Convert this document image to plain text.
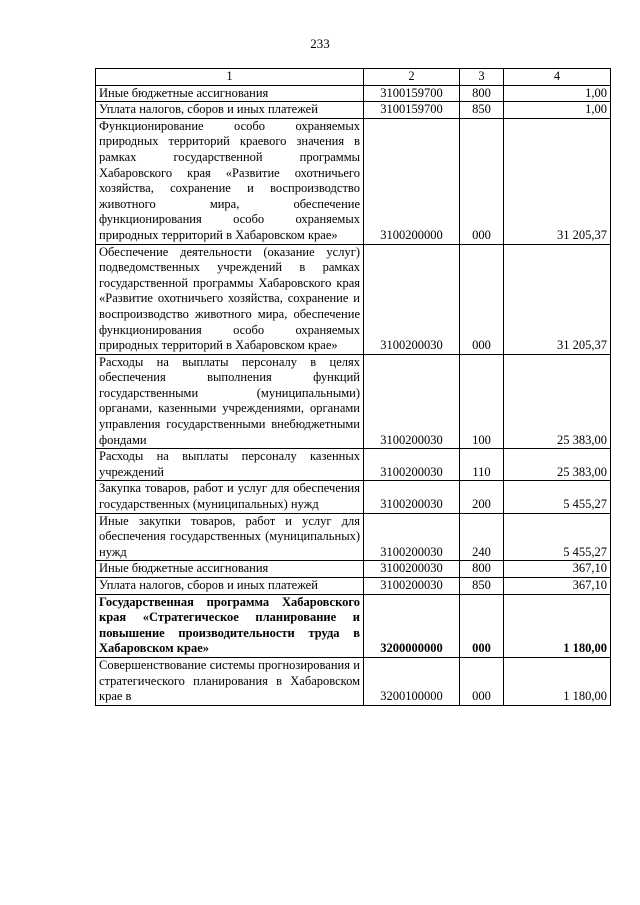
233
1	2	3	4
Иные бюджетные ассигнования	3100159700	800	1,00
Уплата налогов, сборов и иных платежей	3100159700	850	1,00
Функционирование особо охраняемых природных территорий краевого значения в рамках государственной программы Хабаровского края «Развитие охотничьего хозяйства, сохранение и воспроизводство животного мира, обеспечение функционирования особо охраняемых природных территорий в Хабаровском крае»	3100200000	000	31 205,37
Обеспечение деятельности (оказание услуг) подведомственных учреждений в рамках государственной программы Хабаровского края «Развитие охотничьего хозяйства, сохранение и воспроизводство животного мира, обеспечение функционирования особо охраняемых природных территорий в Хабаровском крае»	3100200030	000	31 205,37
Расходы на выплаты персоналу в целях обеспечения выполнения функций государственными (муниципальными) органами, казенными учреждениями, органами управления государственными внебюджетными фондами	3100200030	100	25 383,00
Расходы на выплаты персоналу казенных учреждений	3100200030	110	25 383,00
Закупка товаров, работ и услуг для обеспечения государственных (муниципальных) нужд	3100200030	200	5 455,27
Иные закупки товаров, работ и услуг для обеспечения государственных (муниципальных) нужд	3100200030	240	5 455,27
Иные бюджетные ассигнования	3100200030	800	367,10
Уплата налогов, сборов и иных платежей	3100200030	850	367,10
Государственная программа Хабаровского края «Стратегическое планирование и повышение производительности труда в Хабаровском крае»	3200000000	000	1 180,00
Совершенствование системы прогнозирования и стратегического планирования в Хабаровском крае в	3200100000	000	1 180,00
